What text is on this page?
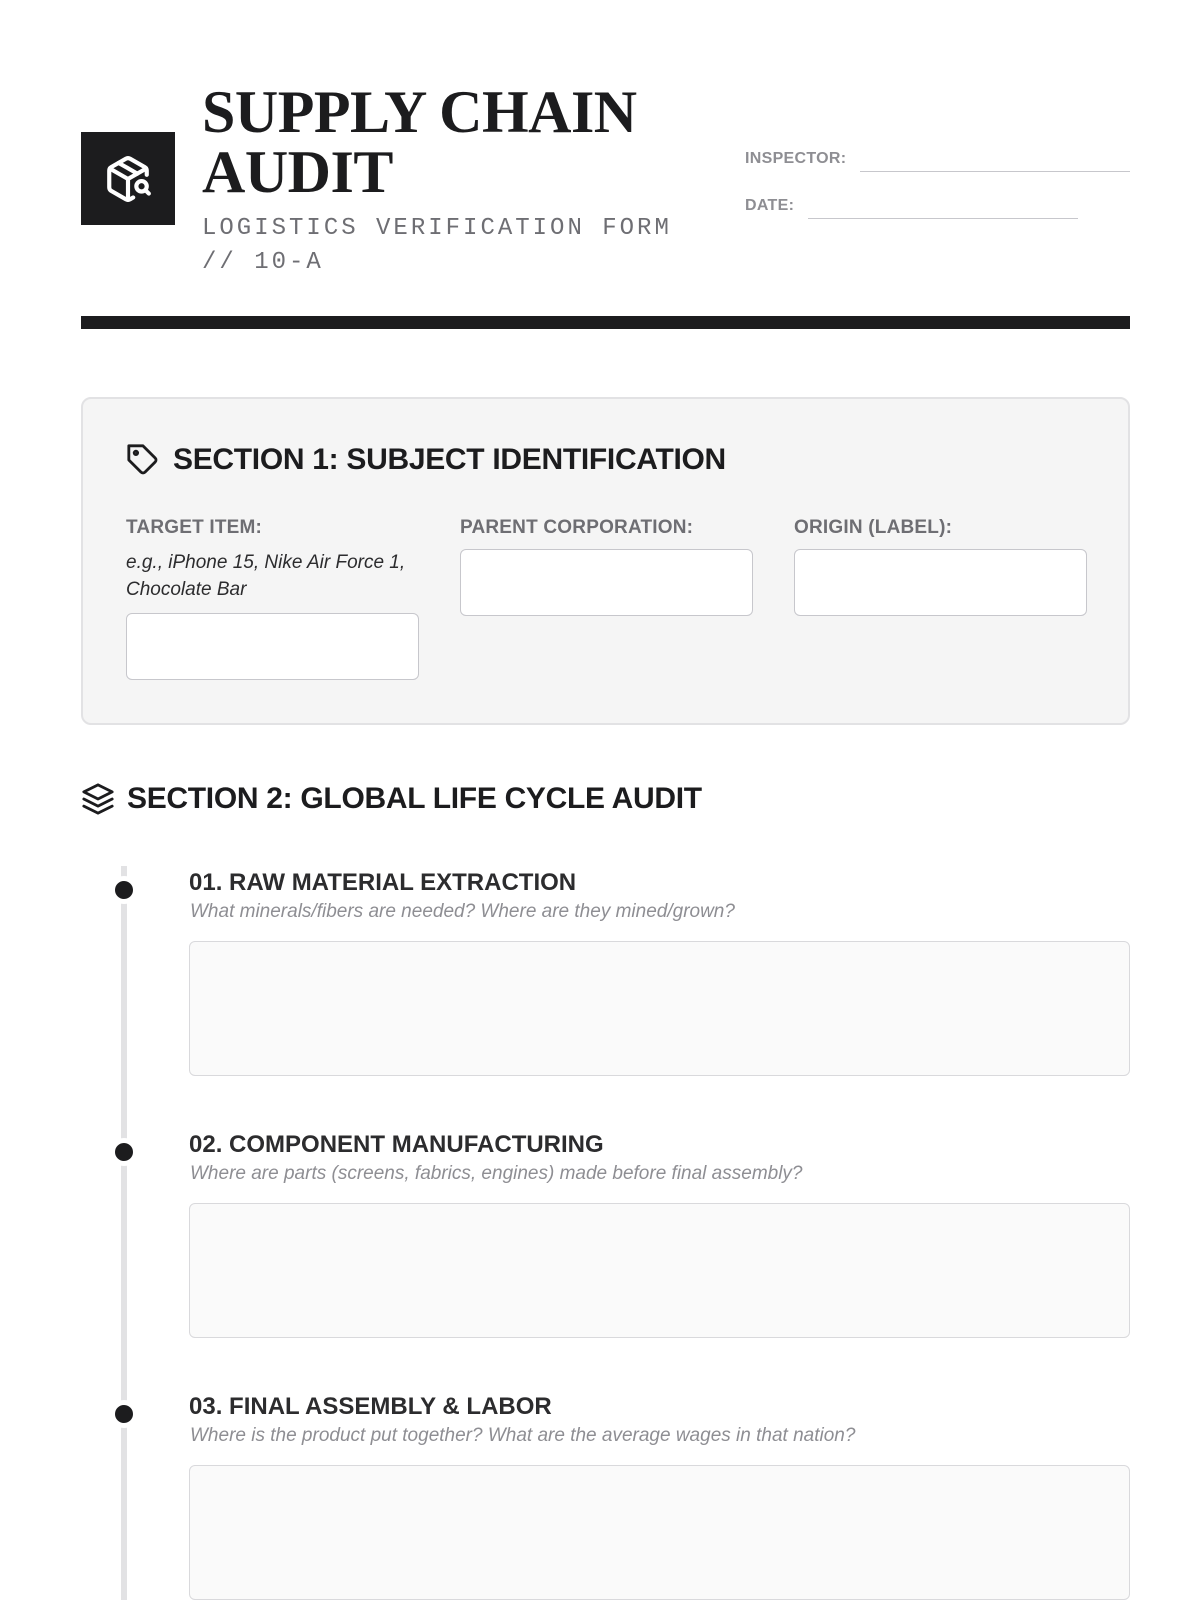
SUPPLY CHAIN
AUDIT
LOGISTICS VERIFICATION FORM // 10-A
INSPECTOR:
DATE:
SECTION 1: SUBJECT IDENTIFICATION
TARGET ITEM:
e.g., iPhone 15, Nike Air Force 1, Chocolate Bar
PARENT CORPORATION:	ORIGIN (LABEL):
SECTION 2: GLOBAL LIFE CYCLE AUDIT
01. RAW MATERIAL EXTRACTION
What minerals/fibers are needed? Where are they mined/grown?
02. COMPONENT MANUFACTURING
Where are parts (screens, fabrics, engines) made before final assembly?
03. FINAL ASSEMBLY & LABOR
Where is the product put together? What are the average wages in that nation?
